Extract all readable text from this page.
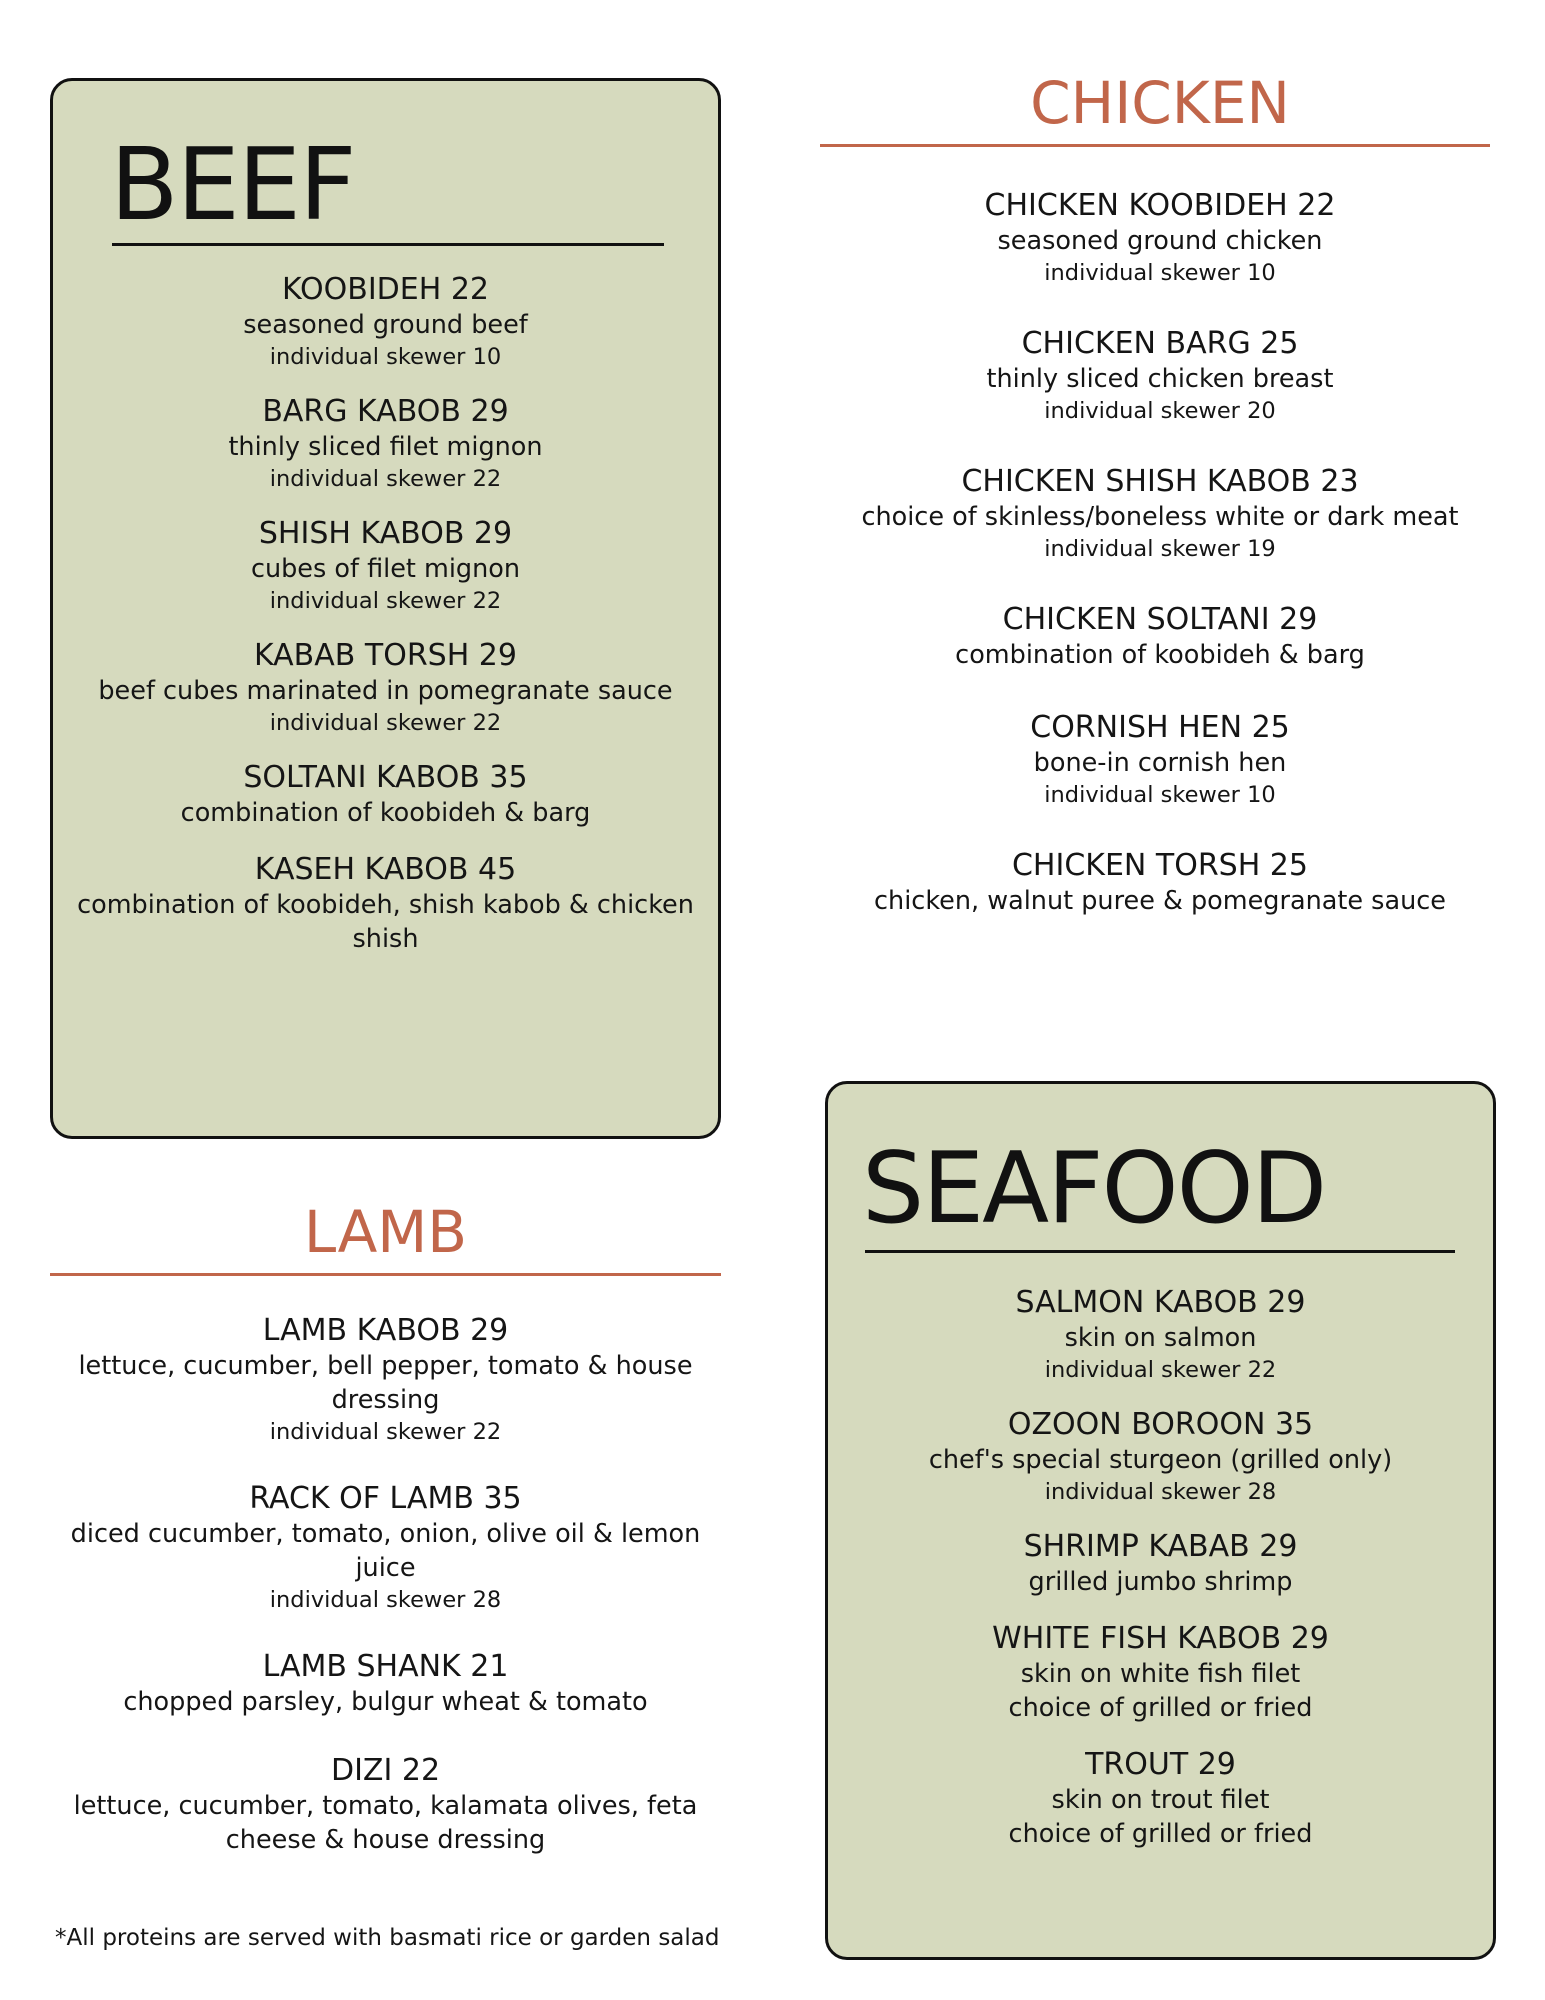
BEEF
KOOBIDEH 22
seasoned ground beef
individual skewer 10
BARG KABOB 29
thinly sliced filet mignon
individual skewer 22
SHISH KABOB 29
cubes of filet mignon
individual skewer 22
KABAB TORSH 29
beef cubes marinated in pomegranate sauce
individual skewer 22
SOLTANI KABOB 35
combination of koobideh & barg
KASEH KABOB 45
combination of koobideh, shish kabob & chicken shish
CHICKEN
CHICKEN KOOBIDEH 22
seasoned ground chicken
individual skewer 10
CHICKEN BARG 25
thinly sliced chicken breast
individual skewer 20
CHICKEN SHISH KABOB 23
choice of skinless/boneless white or dark meat
individual skewer 19
CHICKEN SOLTANI 29
combination of koobideh & barg
CORNISH HEN 25
bone-in cornish hen
individual skewer 10
CHICKEN TORSH 25
chicken, walnut puree & pomegranate sauce
LAMB
LAMB KABOB 29
lettuce, cucumber, bell pepper, tomato & house dressing
individual skewer 22
RACK OF LAMB 35
diced cucumber, tomato, onion, olive oil & lemon juice
individual skewer 28
LAMB SHANK 21
chopped parsley, bulgur wheat & tomato
DIZI 22
lettuce, cucumber, tomato, kalamata olives, feta cheese & house dressing
SEAFOOD
SALMON KABOB 29
skin on salmon
individual skewer 22
OZOON BOROON 35
chef's special sturgeon (grilled only)
individual skewer 28
SHRIMP KABAB 29
grilled jumbo shrimp
WHITE FISH KABOB 29
skin on white fish filet
choice of grilled or fried
TROUT 29
skin on trout filet
choice of grilled or fried
*All proteins are served with basmati rice or garden salad
